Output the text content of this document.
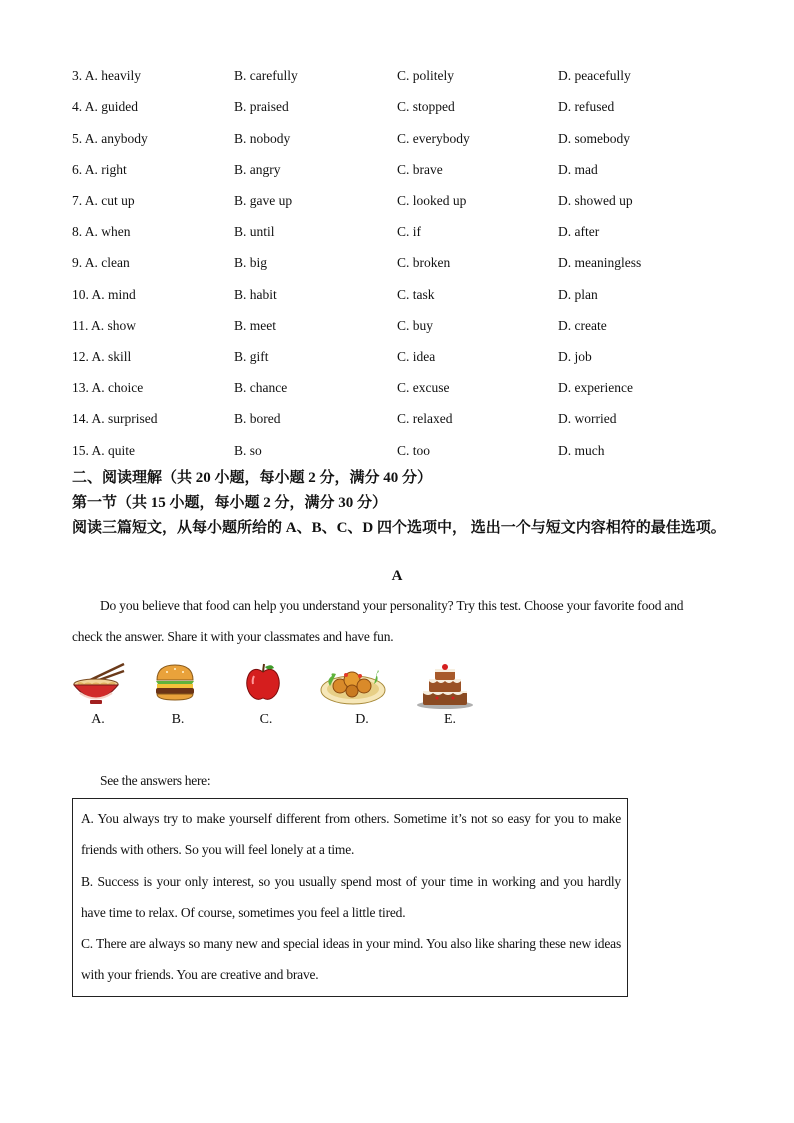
3. A. heavily	B. carefully	C. politely	D. peacefully
4. A. guided	B. praised	C. stopped	D. refused
5. A. anybody	B. nobody	C. everybody	D. somebody
6. A. right	B. angry	C. brave	D. mad
7. A. cut up	B. gave up	C. looked up	D. showed up
8. A. when	B. until	C. if	D. after
9. A. clean	B. big	C. broken	D. meaningless
10. A. mind	B. habit	C. task	D. plan
11. A. show	B. meet	C. buy	D. create
12. A. skill	B. gift	C. idea	D. job
13. A. choice	B. chance	C. excuse	D. experience
14. A. surprised	B. bored	C. relaxed	D. worried
15. A. quite	B. so	C. too	D. much
二、阅读理解（共 20 小题，每小题 2 分，满分 40 分）
第一节（共 15 小题，每小题 2 分，满分 30 分）
阅读三篇短文，从每小题所给的 A、B、C、D 四个选项中， 选出一个与短文内容相符的最佳选项。
A
Do you believe that food can help you understand your personality? Try this test. Choose your favorite food and check the answer. Share it with your classmates and have fun.
A.	B.	C.	D.	E.
See the answers here:
A. You always try to make yourself different from others. Sometime it’s not so easy for you to make friends with others. So you will feel lonely at a time.
B. Success is your only interest, so you usually spend most of your time in working and you hardly have time to relax. Of course, sometimes you feel a little tired.
C. There are always so many new and special ideas in your mind. You also like sharing these new ideas with your friends. You are creative and brave.
